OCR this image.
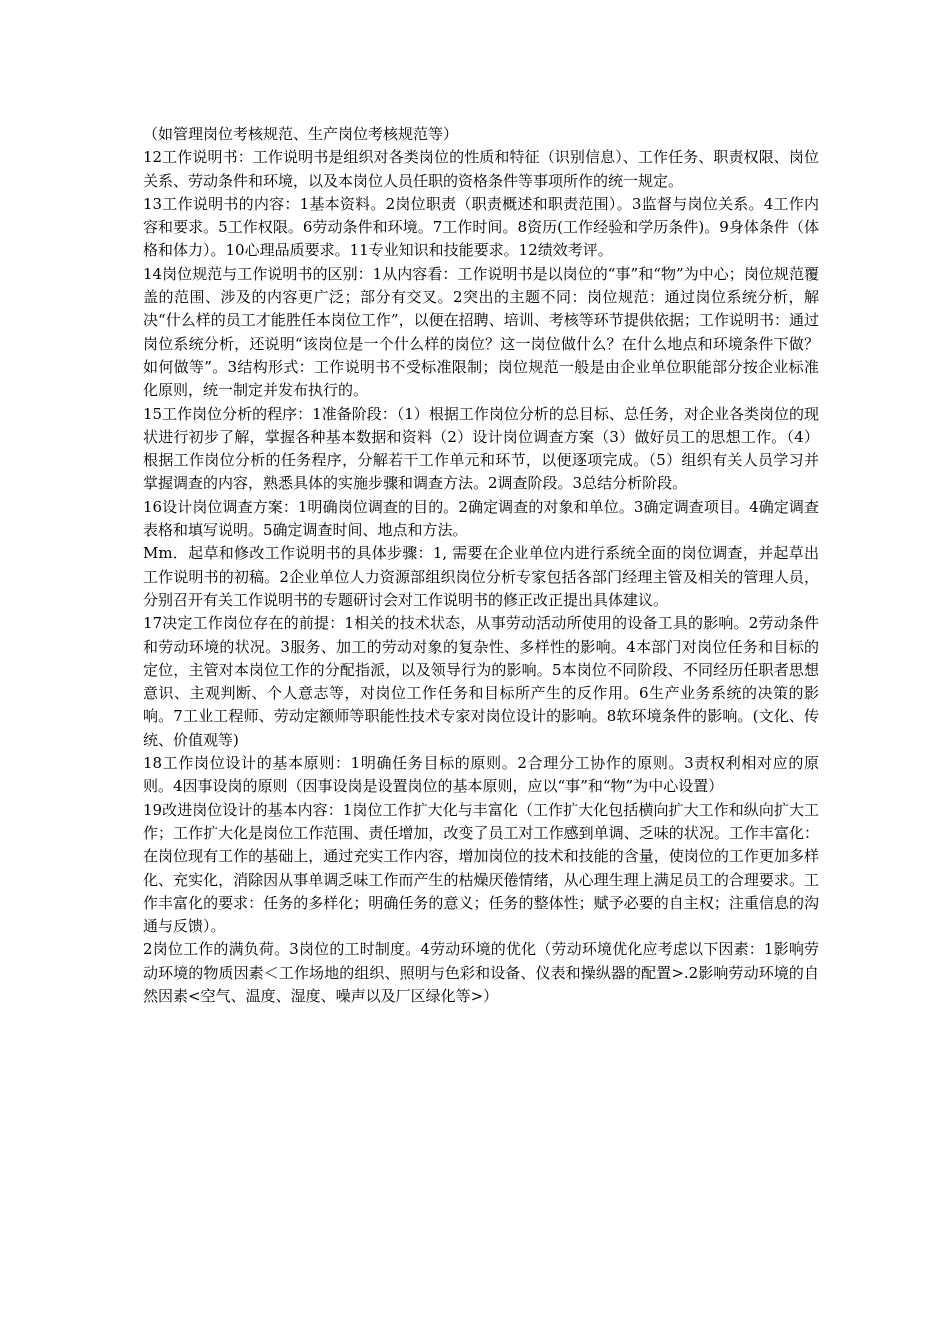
（如管理岗位考核规范、生产岗位考核规范等）

12工作说明书：工作说明书是组织对各类岗位的性质和特征（识别信息）、工作任务、职责权限、岗位关系、劳动条件和环境，以及本岗位人员任职的资格条件等事项所作的统一规定。

13工作说明书的内容：1基本资料。2岗位职责（职责概述和职责范围）。3监督与岗位关系。4工作内容和要求。5工作权限。6劳动条件和环境。7工作时间。8资历(工作经验和学历条件)。9身体条件（体格和体力）。10心理品质要求。11专业知识和技能要求。12绩效考评。

14岗位规范与工作说明书的区别：1从内容看：工作说明书是以岗位的“事”和“物”为中心；岗位规范覆盖的范围、涉及的内容更广泛；部分有交叉。2突出的主题不同：岗位规范：通过岗位系统分析，解决“什么样的员工才能胜任本岗位工作”，以便在招聘、培训、考核等环节提供依据；工作说明书：通过岗位系统分析，还说明“该岗位是一个什么样的岗位？这一岗位做什么？在什么地点和环境条件下做？如何做等”。3结构形式：工作说明书不受标准限制；岗位规范一般是由企业单位职能部分按企业标准化原则，统一制定并发布执行的。

15工作岗位分析的程序：1准备阶段：（1）根据工作岗位分析的总目标、总任务，对企业各类岗位的现状进行初步了解，掌握各种基本数据和资料（2）设计岗位调查方案（3）做好员工的思想工作。（4）根据工作岗位分析的任务程序，分解若干工作单元和环节，以便逐项完成。（5）组织有关人员学习并掌握调查的内容，熟悉具体的实施步骤和调查方法。2调查阶段。3总结分析阶段。

16设计岗位调查方案：1明确岗位调查的目的。2确定调查的对象和单位。3确定调查项目。4确定调查表格和填写说明。5确定调查时间、地点和方法。

Mm．起草和修改工作说明书的具体步骤：1, 需要在企业单位内进行系统全面的岗位调查，并起草出工作说明书的初稿。2企业单位人力资源部组织岗位分析专家包括各部门经理主管及相关的管理人员，分别召开有关工作说明书的专题研讨会对工作说明书的修正改正提出具体建议。

17决定工作岗位存在的前提：1相关的技术状态，从事劳动活动所使用的设备工具的影响。2劳动条件和劳动环境的状况。3服务、加工的劳动对象的复杂性、多样性的影响。4本部门对岗位任务和目标的定位，主管对本岗位工作的分配指派，以及领导行为的影响。5本岗位不同阶段、不同经历任职者思想意识、主观判断、个人意志等，对岗位工作任务和目标所产生的反作用。6生产业务系统的决策的影响。7工业工程师、劳动定额师等职能性技术专家对岗位设计的影响。8软环境条件的影响。(文化、传统、价值观等)

18工作岗位设计的基本原则：1明确任务目标的原则。2合理分工协作的原则。3责权利相对应的原则。4因事设岗的原则（因事设岗是设置岗位的基本原则，应以“事”和“物”为中心设置）

19改进岗位设计的基本内容：1岗位工作扩大化与丰富化（工作扩大化包括横向扩大工作和纵向扩大工作；工作扩大化是岗位工作范围、责任增加，改变了员工对工作感到单调、乏味的状况。工作丰富化：在岗位现有工作的基础上，通过充实工作内容，增加岗位的技术和技能的含量，使岗位的工作更加多样化、充实化，消除因从事单调乏味工作而产生的枯燥厌倦情绪，从心理生理上满足员工的合理要求。工作丰富化的要求：任务的多样化；明确任务的意义；任务的整体性；赋予必要的自主权；注重信息的沟通与反馈）。

2岗位工作的满负荷。3岗位的工时制度。4劳动环境的优化（劳动环境优化应考虑以下因素：1影响劳动环境的物质因素＜工作场地的组织、照明与色彩和设备、仪表和操纵器的配置>.2影响劳动环境的自然因素<空气、温度、湿度、噪声以及厂区绿化等>）
